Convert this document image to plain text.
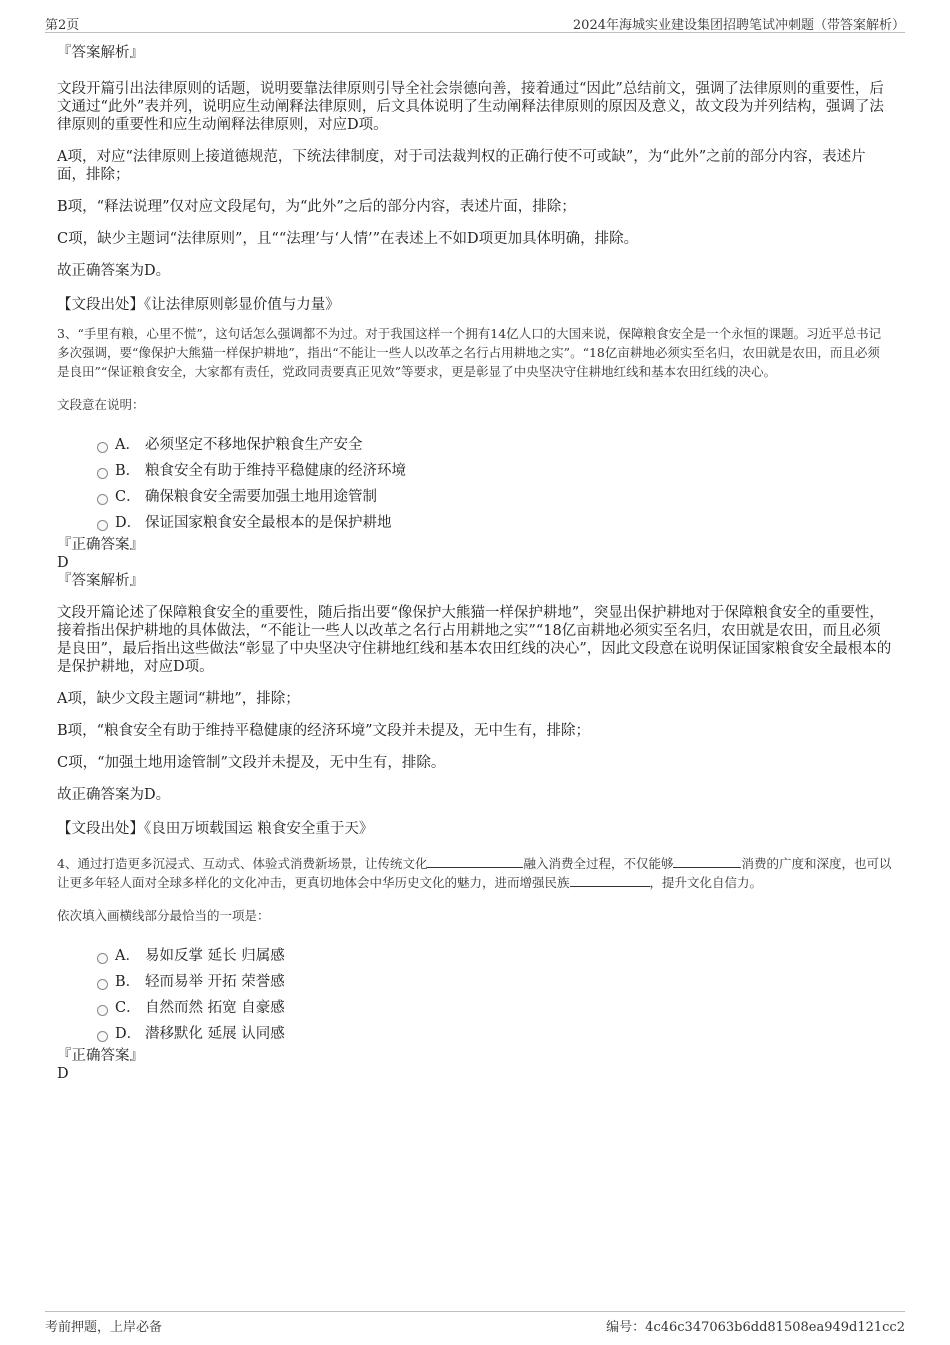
第2页	2024年海城实业建设集团招聘笔试冲刺题（带答案解析）

『答案解析』

文段开篇引出法律原则的话题，说明要靠法律原则引导全社会崇德向善，接着通过“因此”总结前文，强调了法律原则的重要性，后文通过“此外”表并列，说明应生动阐释法律原则，后文具体说明了生动阐释法律原则的原因及意义，故文段为并列结构，强调了法律原则的重要性和应生动阐释法律原则，对应D项。

A项，对应“法律原则上接道德规范，下统法律制度，对于司法裁判权的正确行使不可或缺”，为“此外”之前的部分内容，表述片面，排除；

B项，“释法说理”仅对应文段尾句，为“此外”之后的部分内容，表述片面，排除；

C项，缺少主题词“法律原则”，且““法理’与‘人情’”在表述上不如D项更加具体明确，排除。

故正确答案为D。

【文段出处】《让法律原则彰显价值与力量》

3、“手里有粮，心里不慌”，这句话怎么强调都不为过。对于我国这样一个拥有14亿人口的大国来说，保障粮食安全是一个永恒的课题。习近平总书记多次强调，要“像保护大熊猫一样保护耕地”，指出“不能让一些人以改革之名行占用耕地之实”。“18亿亩耕地必须实至名归，农田就是农田，而且必须是良田”“保证粮食安全，大家都有责任，党政同责要真正见效”等要求，更是彰显了中央坚决守住耕地红线和基本农田红线的决心。

文段意在说明：

A． 必须坚定不移地保护粮食生产安全
B． 粮食安全有助于维持平稳健康的经济环境
C． 确保粮食安全需要加强土地用途管制
D． 保证国家粮食安全最根本的是保护耕地

『正确答案』

D

『答案解析』

文段开篇论述了保障粮食安全的重要性，随后指出要“像保护大熊猫一样保护耕地”，突显出保护耕地对于保障粮食安全的重要性，接着指出保护耕地的具体做法，“不能让一些人以改革之名行占用耕地之实”“18亿亩耕地必须实至名归，农田就是农田，而且必须是良田”，最后指出这些做法“彰显了中央坚决守住耕地红线和基本农田红线的决心”，因此文段意在说明保证国家粮食安全最根本的是保护耕地，对应D项。

A项，缺少文段主题词“耕地”，排除；

B项，“粮食安全有助于维持平稳健康的经济环境”文段并未提及，无中生有，排除；

C项，“加强土地用途管制”文段并未提及，无中生有，排除。

故正确答案为D。

【文段出处】《良田万顷载国运 粮食安全重于天》

4、通过打造更多沉浸式、互动式、体验式消费新场景，让传统文化	融入消费全过程，不仅能够	消费的广度和深度，也可以让更多年轻人面对全球多样化的文化冲击，更真切地体会中华历史文化的魅力，进而增强民族	，提升文化自信力。

依次填入画横线部分最恰当的一项是：

A． 易如反掌 延长 归属感
B． 轻而易举 开拓 荣誉感
C． 自然而然 拓宽 自豪感
D． 潜移默化 延展 认同感

『正确答案』

D

考前押题，上岸必备	编号：4c46c347063b6dd81508ea949d121cc2
